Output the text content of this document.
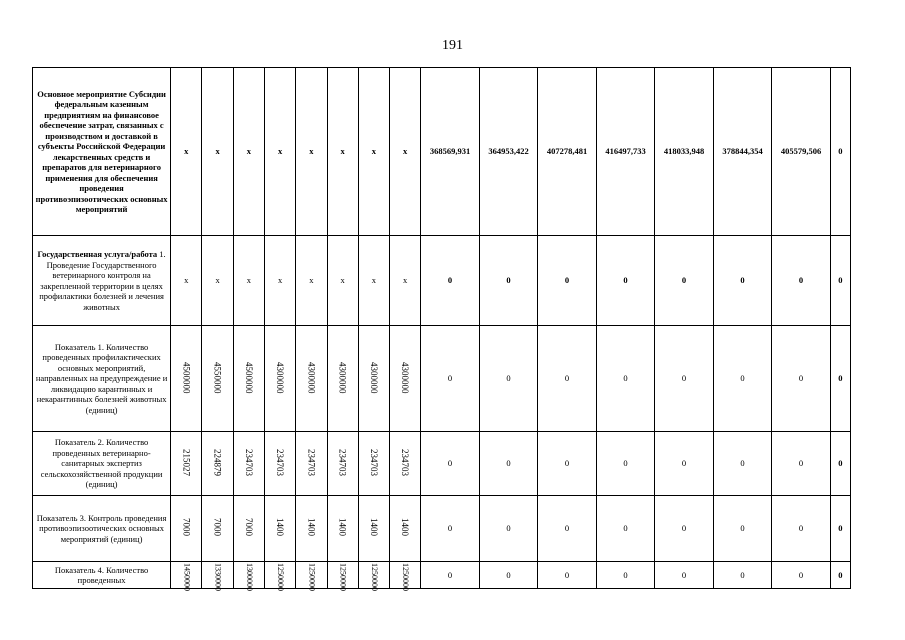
191
Основное мероприятие Субсидии федеральным казенным предприятиям на финансовое обеспечение затрат, связанных с производством и доставкой в субъекты Российской Федерации лекарственных средств и препаратов для ветеринарного применения для обеспечения проведения противоэпизоотических основных мероприятий	х	х	х	х	х	х	х	х	368569,931	364953,422	407278,481	416497,733	418033,948	378844,354	405579,506	0
Государственная услуга/работа 1. Проведение Государственного ветеринарного контроля на закрепленной территории в целях профилактики болезней и лечения животных	х	х	х	х	х	х	х	х	0	0	0	0	0	0	0	0
Показатель 1. Количество проведенных профилактических основных мероприятий, направленных на предупреждение и ликвидацию карантинных и некарантинных болезней животных (единиц)	4500000	4550000	4500000	4300000	4300000	4300000	4300000	4300000	0	0	0	0	0	0	0	0
Показатель 2. Количество проведенных ветеринарно-санитарных экспертиз сельскохозяйственной продукции (единиц)	215027	224879	234703	234703	234703	234703	234703	234703	0	0	0	0	0	0	0	0
Показатель 3. Контроль проведения противоэпизоотических основных мероприятий (единиц)	7000	7000	7000	1400	1400	1400	1400	1400	0	0	0	0	0	0	0	0
Показатель 4. Количество проведенных	1450000	1330000	1300000	1250000	1250000	1250000	1250000	1250000	0	0	0	0	0	0	0	0
